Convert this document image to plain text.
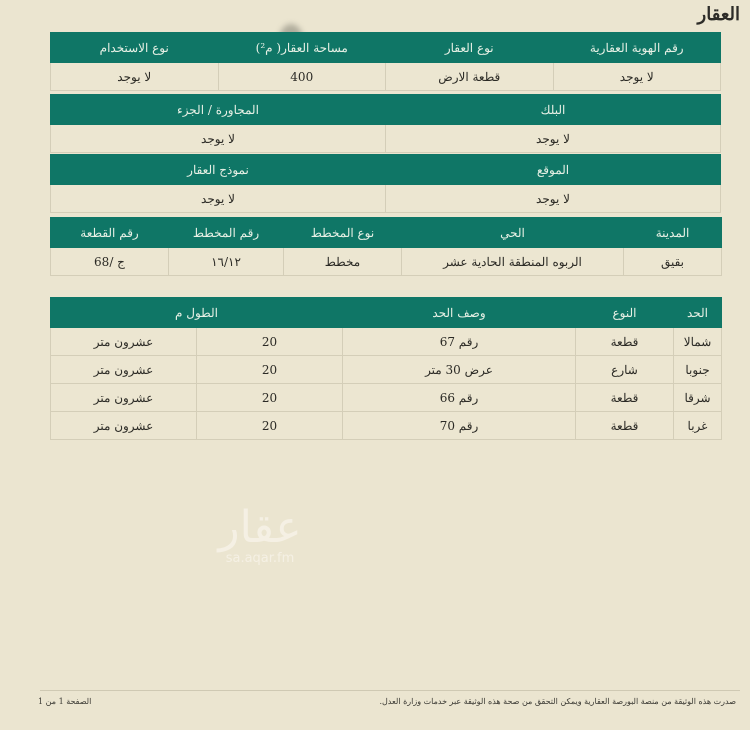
العقار
رقم الهوية العقارية	نوع العقار	مساحة العقار( م²)	نوع الاستخدام
لا يوجد	قطعة الارض	400	لا يوجد
البلك	المجاورة / الجزء
لا يوجد	لا يوجد
الموقع	نموذج العقار
لا يوجد	لا يوجد
المدينة	الحي	نوع المخطط	رقم المخطط	رقم القطعة
بقيق	الربوه المنطقة الحادية عشر	مخطط	١٦/١٢	ج /68
الحد	النوع	وصف الحد	الطول م	
شمالا	قطعة	رقم 67	20	عشرون متر
جنوبا	شارع	عرض 30 متر	20	عشرون متر
شرقا	قطعة	رقم 66	20	عشرون متر
غربا	قطعة	رقم 70	20	عشرون متر
عقار
sa.aqar.fm
صدرت هذه الوثيقة من منصة البورصة العقارية ويمكن التحقق من صحة هذه الوثيقة عبر خدمات وزارة العدل.
الصفحة 1 من 1
